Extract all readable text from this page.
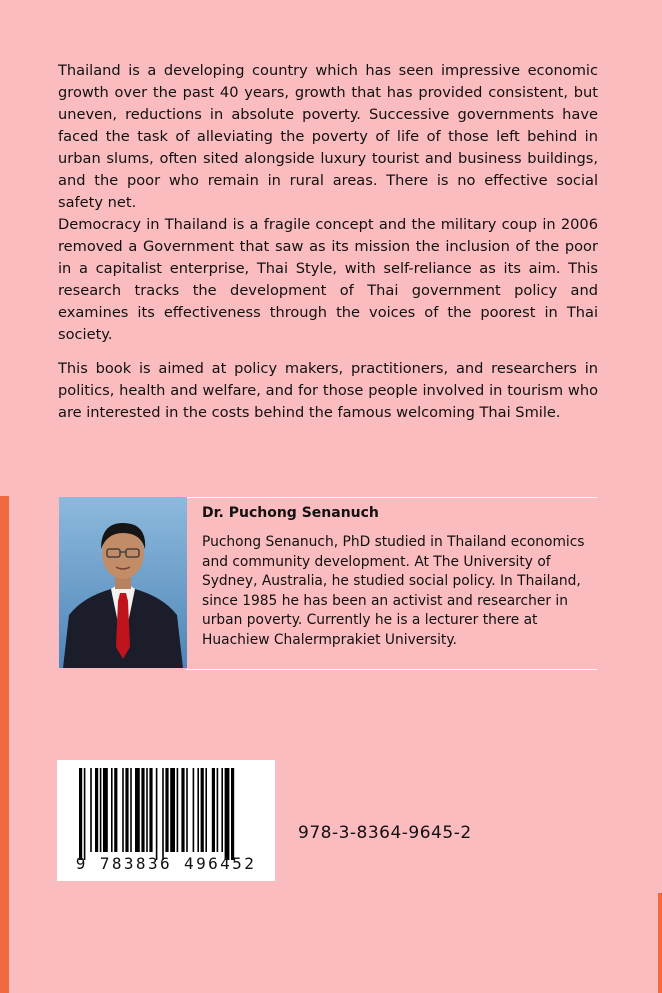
Thailand is a developing country which has seen impressive economic growth over the past 40 years, growth that has provided consistent, but uneven, reductions in absolute poverty. Successive governments have faced the task of alleviating the poverty of life of those left behind in urban slums, often sited alongside luxury tourist and business buildings, and the poor who remain in rural areas. There is no effective social safety net.

Democracy in Thailand is a fragile concept and the military coup in 2006 removed a Government that saw as its mission the inclusion of the poor in a capitalist enterprise, Thai Style, with self-reliance as its aim. This research tracks the development of Thai government policy and examines its effectiveness through the voices of the poorest in Thai society.

This book is aimed at policy makers, practitioners, and researchers in politics, health and welfare, and for those people involved in tourism who are interested in the costs behind the famous welcoming Thai Smile.

Dr. Puchong Senanuch

Puchong Senanuch, PhD studied in Thailand economics and community development. At The University of Sydney, Australia, he studied social policy. In Thailand, since 1985 he has been an activist and researcher in urban poverty. Currently he is a lecturer there at Huachiew Chalermprakiet University.

9 783836 496452
978-3-8364-9645-2
